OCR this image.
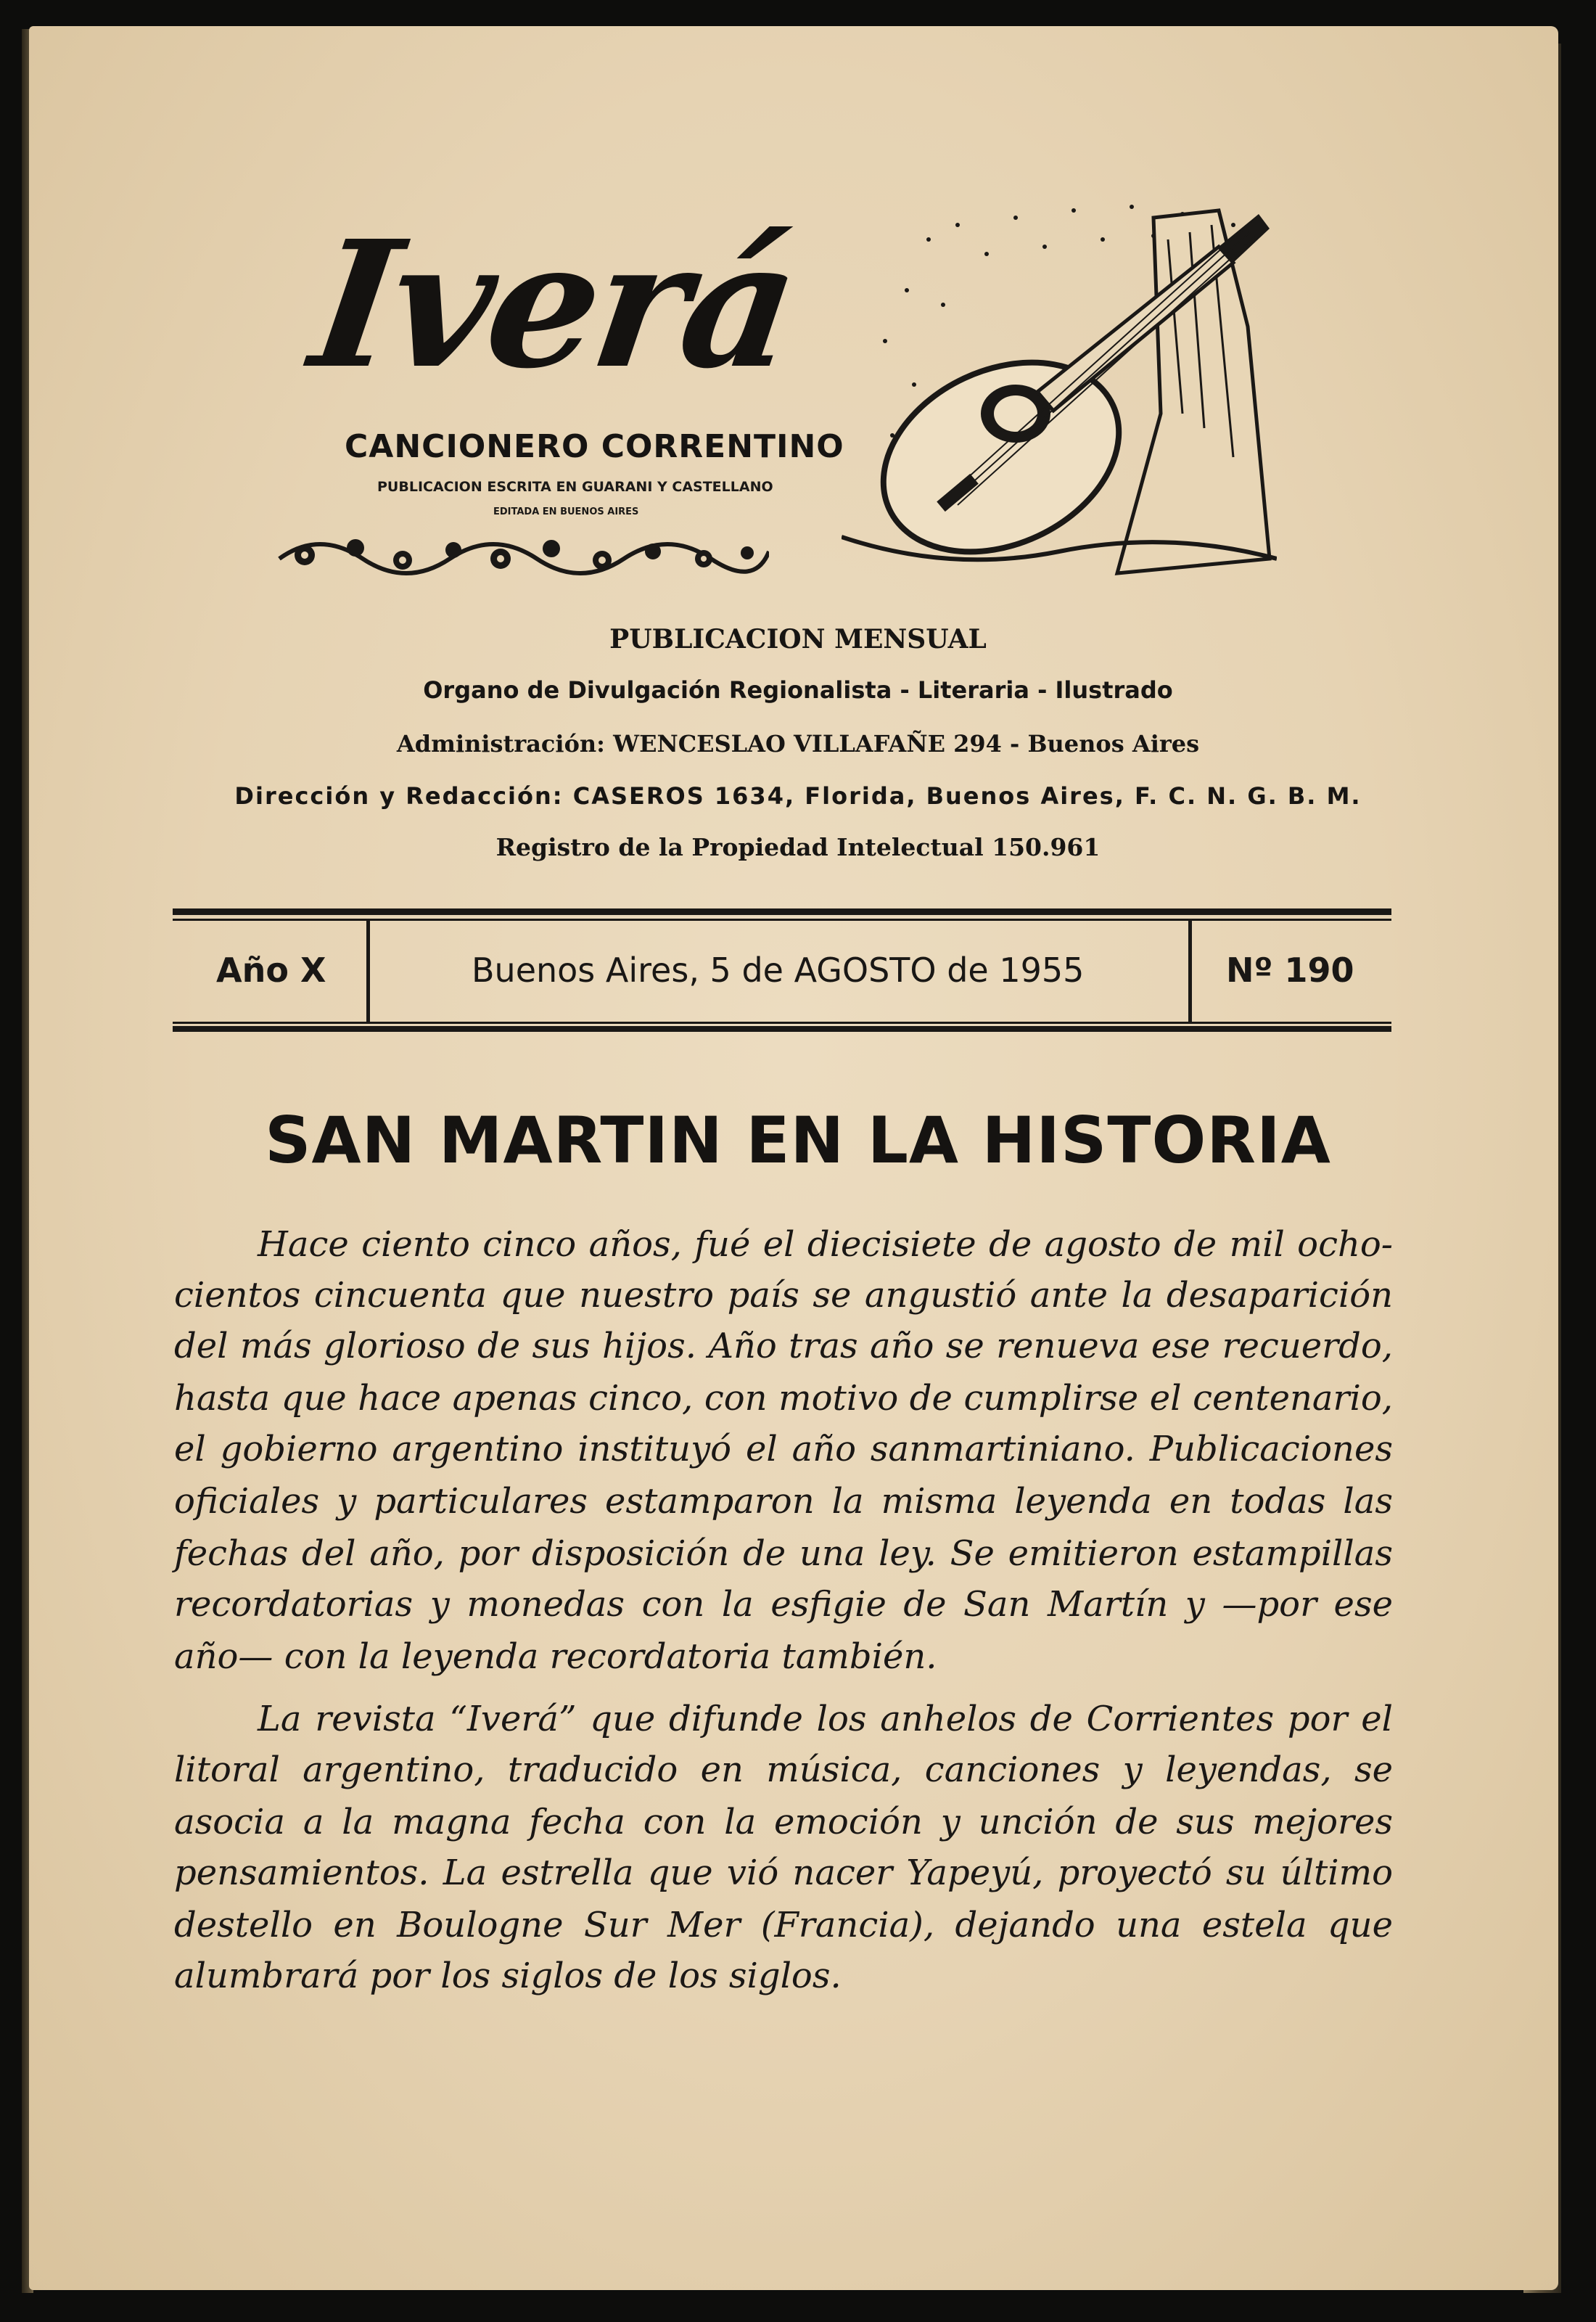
Iverá
CANCIONERO CORRENTINO
PUBLICACION ESCRITA EN GUARANI Y CASTELLANO
EDITADA EN BUENOS AIRES
PUBLICACION MENSUAL
Organo de Divulgación Regionalista - Literaria - Ilustrado
Administración: WENCESLAO VILLAFAÑE 294 - Buenos Aires
Dirección y Redacción: CASEROS 1634, Florida, Buenos Aires, F. C. N. G. B. M.
Registro de la Propiedad Intelectual 150.961
Año X	Buenos Aires, 5 de AGOSTO de 1955	Nº 190
SAN MARTIN EN LA HISTORIA
Hace ciento cinco años, fué el diecisiete de agosto de mil ocho-
cientos cincuenta que nuestro país se angustió ante la desaparición
del más glorioso de sus hijos. Año tras año se renueva ese recuerdo,
hasta que hace apenas cinco, con motivo de cumplirse el centenario,
el gobierno argentino instituyó el año sanmartiniano. Publicaciones
oficiales y particulares estamparon la misma leyenda en todas las
fechas del año, por disposición de una ley. Se emitieron estampillas
recordatorias y monedas con la esfigie de San Martín y —por ese
año— con la leyenda recordatoria también.
La revista “Iverá” que difunde los anhelos de Corrientes por el
litoral argentino, traducido en música, canciones y leyendas, se
asocia a la magna fecha con la emoción y unción de sus mejores
pensamientos. La estrella que vió nacer Yapeyú, proyectó su último
destello en Boulogne Sur Mer (Francia), dejando una estela que
alumbrará por los siglos de los siglos.
